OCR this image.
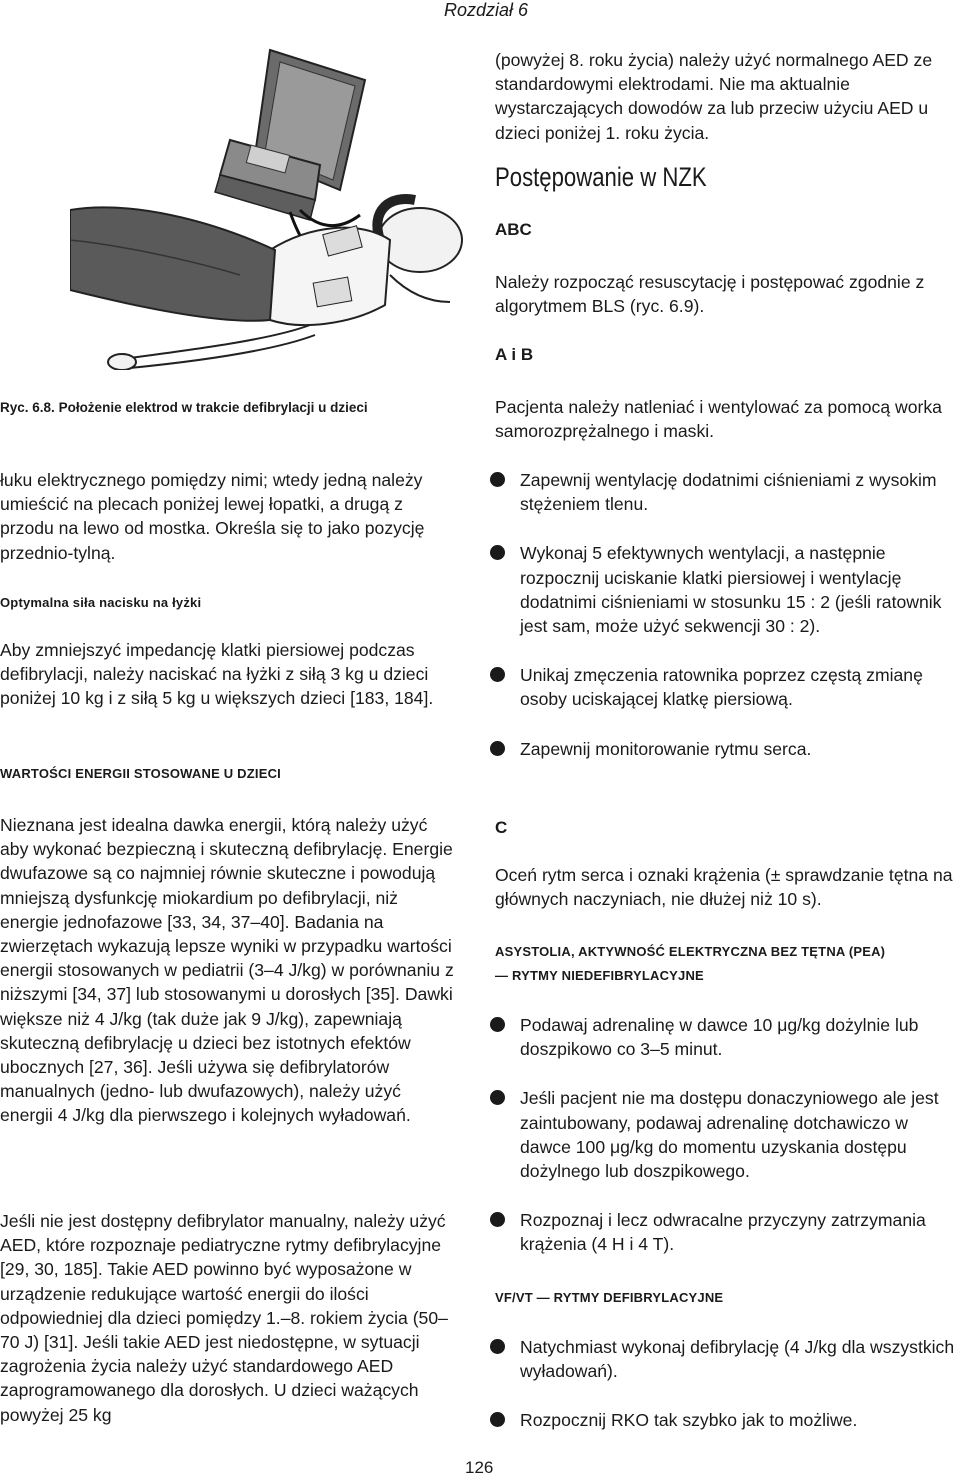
Rozdział 6
Ryc. 6.8. Położenie elektrod w trakcie defibrylacji u dzieci

łuku elektrycznego pomiędzy nimi; wtedy jedną należy umieścić na plecach poniżej lewej łopatki, a drugą z przodu na lewo od mostka. Określa się to jako pozycję przednio-tylną.

Optymalna siła nacisku na łyżki

Aby zmniejszyć impedancję klatki piersiowej podczas defibrylacji, należy naciskać na łyżki z siłą 3 kg u dzieci poniżej 10 kg i z siłą 5 kg u większych dzieci [183, 184].

WARTOŚCI ENERGII STOSOWANE U DZIECI

Nieznana jest idealna dawka energii, którą należy użyć aby wykonać bezpieczną i skuteczną defibrylację. Energie dwufazowe są co najmniej równie skuteczne i powodują mniejszą dysfunkcję miokardium po defibrylacji, niż energie jednofazowe [33, 34, 37–40]. Badania na zwierzętach wykazują lepsze wyniki w przypadku wartości energii stosowanych w pediatrii (3–4 J/kg) w porównaniu z niższymi [34, 37] lub stosowanymi u dorosłych [35]. Dawki większe niż 4 J/kg (tak duże jak 9 J/kg), zapewniają skuteczną defibrylację u dzieci bez istotnych efektów ubocznych [27, 36]. Jeśli używa się defibrylatorów manualnych (jedno- lub dwufazowych), należy użyć energii 4 J/kg dla pierwszego i kolejnych wyładowań.

Jeśli nie jest dostępny defibrylator manualny, należy użyć AED, które rozpoznaje pediatryczne rytmy defibrylacyjne [29, 30, 185]. Takie AED powinno być wyposażone w urządzenie redukujące wartość energii do ilości odpowiedniej dla dzieci pomiędzy 1.–8. rokiem życia (50–70 J) [31]. Jeśli takie AED jest niedostępne, w sytuacji zagrożenia życia należy użyć standardowego AED zaprogramowanego dla dorosłych. U dzieci ważących powyżej 25 kg

(powyżej 8. roku życia) należy użyć normalnego AED ze standardowymi elektrodami. Nie ma aktualnie wystarczających dowodów za lub przeciw użyciu AED u dzieci poniżej 1. roku życia.

Postępowanie w NZK
ABC

Należy rozpocząć resuscytację i postępować zgodnie z algorytmem BLS (ryc. 6.9).

A i B

Pacjenta należy natleniać i wentylować za pomocą worka samorozprężalnego i maski.

Zapewnij wentylację dodatnimi ciśnieniami z wysokim stężeniem tlenu.
Wykonaj 5 efektywnych wentylacji, a następnie rozpocznij uciskanie klatki piersiowej i wentylację dodatnimi ciśnieniami w stosunku 15 : 2 (jeśli ratownik jest sam, może użyć sekwencji 30 : 2).
Unikaj zmęczenia ratownika poprzez częstą zmianę osoby uciskającej klatkę piersiową.
Zapewnij monitorowanie rytmu serca.
C

Oceń rytm serca i oznaki krążenia (± sprawdzanie tętna na głównych naczyniach, nie dłużej niż 10 s).

ASYSTOLIA, AKTYWNOŚĆ ELEKTRYCZNA BEZ TĘTNA (PEA)
— RYTMY NIEDEFIBRYLACYJNE
Podawaj adrenalinę w dawce 10 μg/kg dożylnie lub doszpikowo co 3–5 minut.
Jeśli pacjent nie ma dostępu donaczyniowego ale jest zaintubowany, podawaj adrenalinę dotchawiczo w dawce 100 μg/kg do momentu uzyskania dostępu dożylnego lub doszpikowego.
Rozpoznaj i lecz odwracalne przyczyny zatrzymania krążenia (4 H i 4 T).
VF/VT — RYTMY DEFIBRYLACYJNE
Natychmiast wykonaj defibrylację (4 J/kg dla wszystkich wyładowań).
Rozpocznij RKO tak szybko jak to możliwe.
126
